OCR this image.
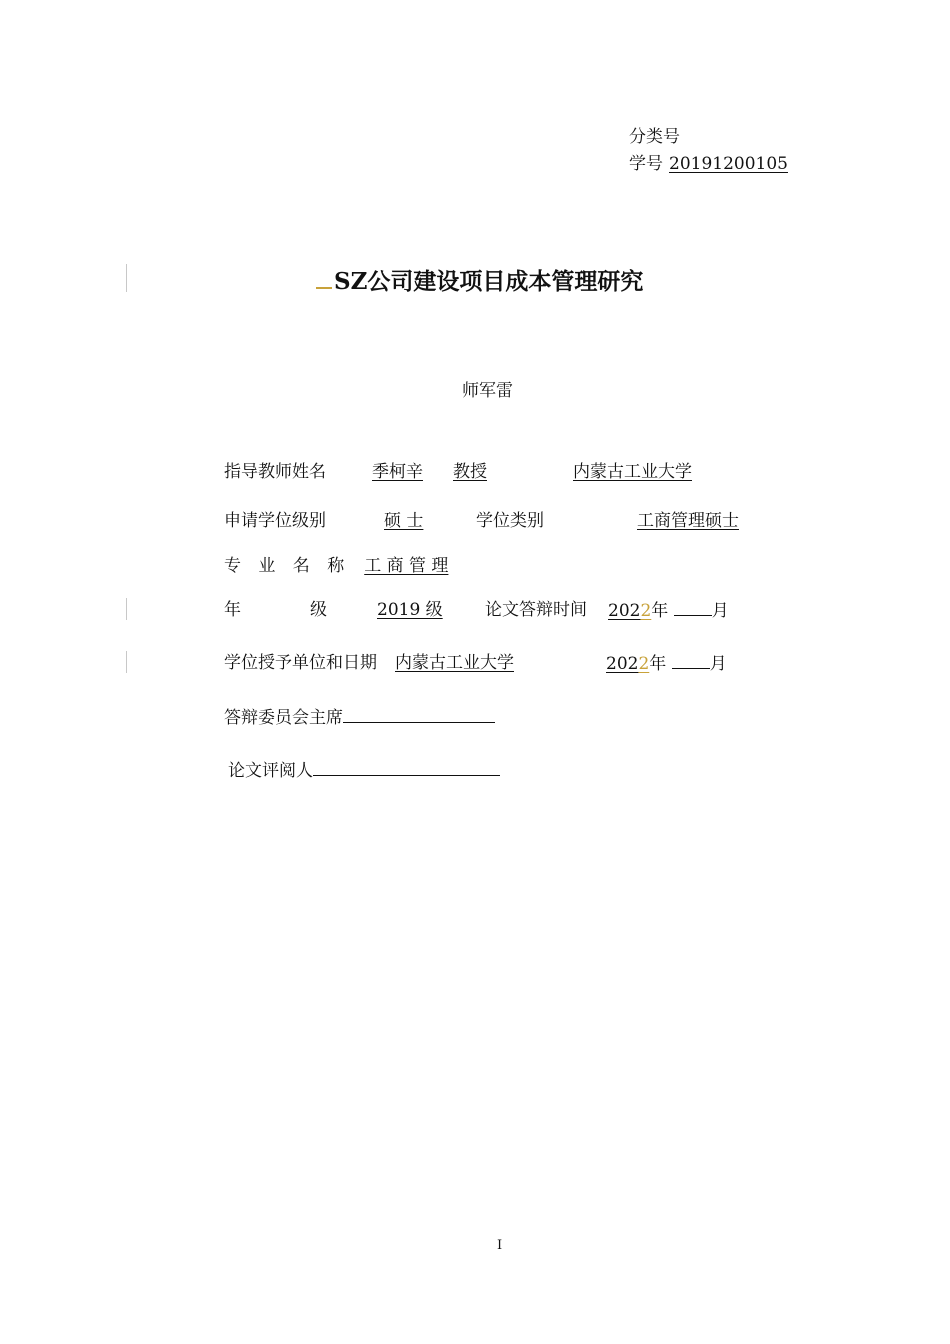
分类号
学号 20191200105
SZ公司建设项目成本管理研究
师军雷
指导教师姓名	季柯辛 教授	内蒙古工业大学
申请学位级别	硕 士	学位类别	工商管理硕士
专 业 名 称 工 商 管 理
年	级	2019 级	论文答辩时间 2022年	月
学位授予单位和日期 内蒙古工业大学	2022年	月
答辩委员会主席
论文评阅人
I
